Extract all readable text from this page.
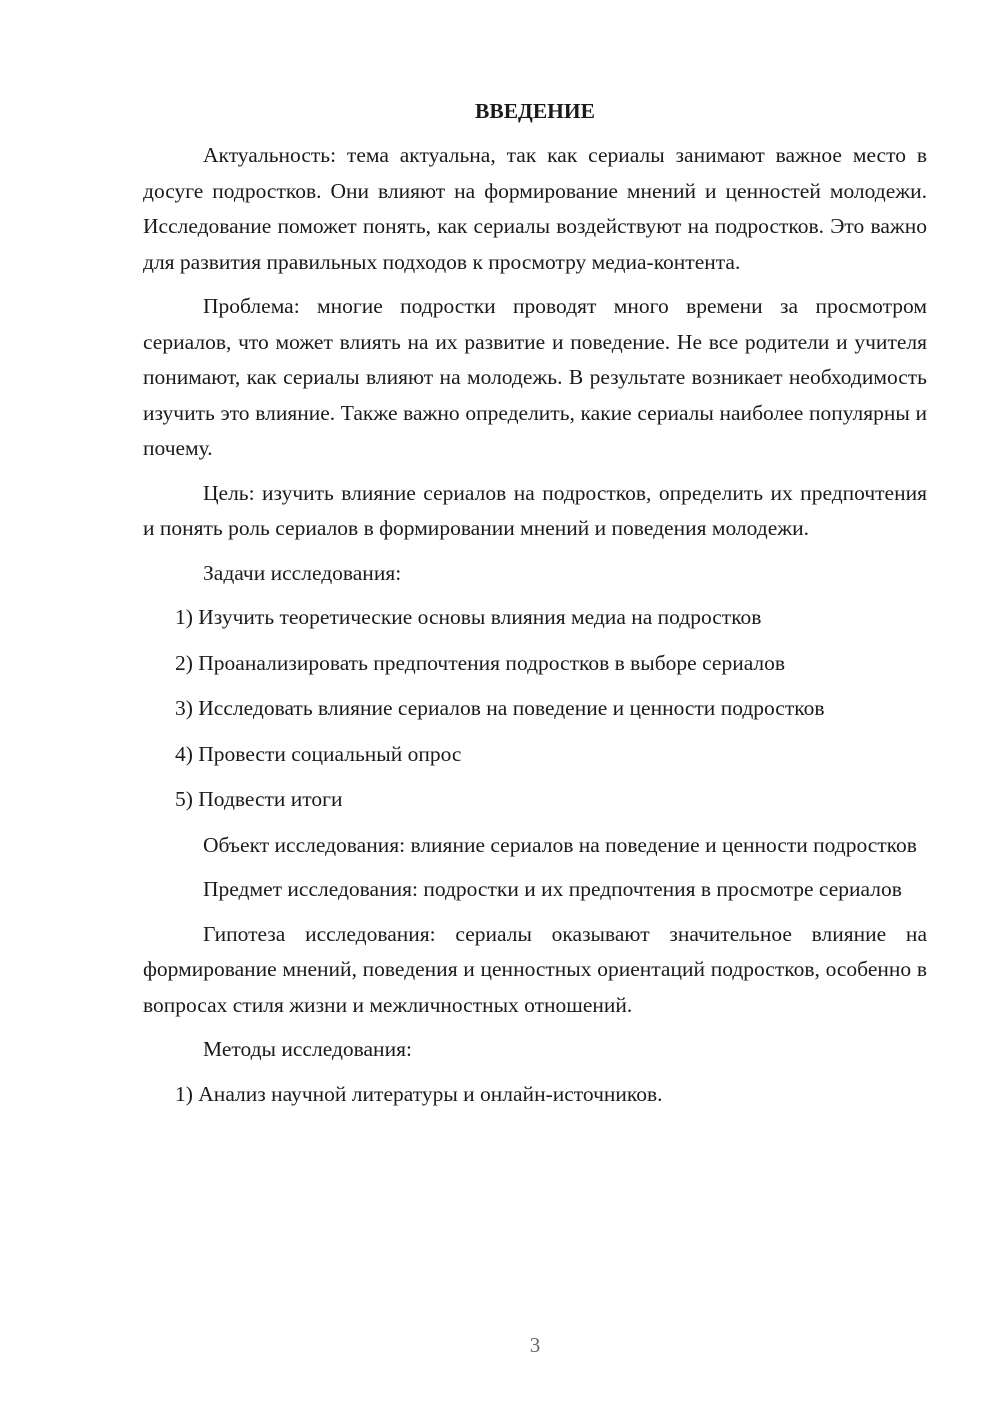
ВВЕДЕНИЕ

Актуальность: тема актуальна, так как сериалы занимают важное место в досуге подростков. Они влияют на формирование мнений и ценностей молодежи. Исследование поможет понять, как сериалы воздействуют на подростков. Это важно для развития правильных подходов к просмотру медиа-контента.

Проблема: многие подростки проводят много времени за просмотром сериалов, что может влиять на их развитие и поведение. Не все родители и учителя понимают, как сериалы влияют на молодежь. В результате возникает необходимость изучить это влияние. Также важно определить, какие сериалы наиболее популярны и почему.

Цель: изучить влияние сериалов на подростков, определить их предпочтения и понять роль сериалов в формировании мнений и поведения молодежи.

Задачи исследования:

1) Изучить теоретические основы влияния медиа на подростков
2) Проанализировать предпочтения подростков в выборе сериалов
3) Исследовать влияние сериалов на поведение и ценности подростков
4) Провести социальный опрос
5) Подвести итоги

Объект исследования: влияние сериалов на поведение и ценности подростков

Предмет исследования: подростки и их предпочтения в просмотре сериалов

Гипотеза исследования: сериалы оказывают значительное влияние на формирование мнений, поведения и ценностных ориентаций подростков, особенно в вопросах стиля жизни и межличностных отношений.

Методы исследования:

1) Анализ научной литературы и онлайн-источников.
3
